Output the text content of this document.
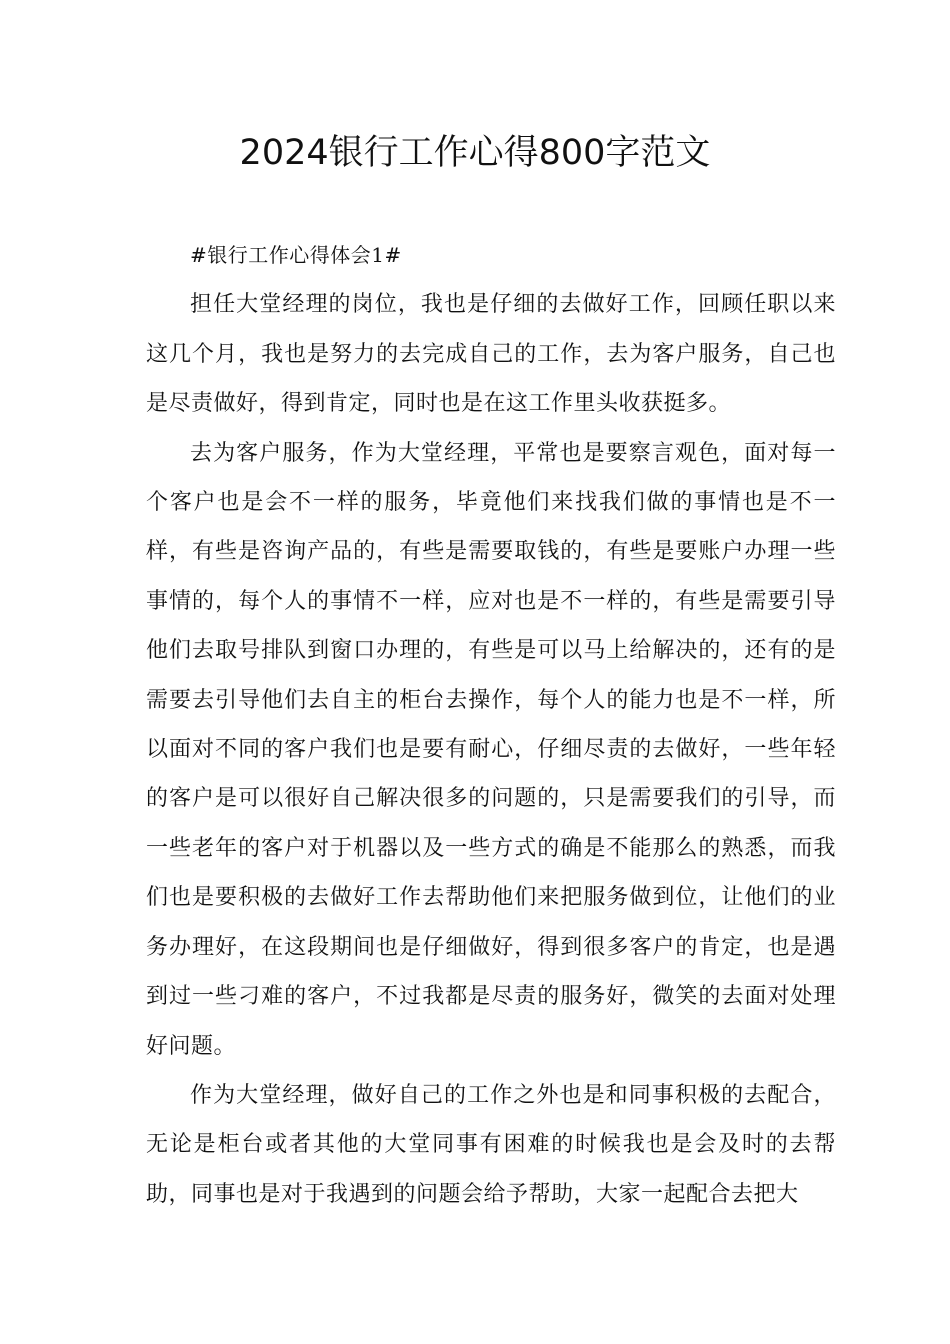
2024银行工作心得800字范文

#银行工作心得体会1#

担任大堂经理的岗位，我也是仔细的去做好工作，回顾任职以来这几个月，我也是努力的去完成自己的工作，去为客户服务，自己也是尽责做好，得到肯定，同时也是在这工作里头收获挺多。

去为客户服务，作为大堂经理，平常也是要察言观色，面对每一个客户也是会不一样的服务，毕竟他们来找我们做的事情也是不一样，有些是咨询产品的，有些是需要取钱的，有些是要账户办理一些事情的，每个人的事情不一样，应对也是不一样的，有些是需要引导他们去取号排队到窗口办理的，有些是可以马上给解决的，还有的是需要去引导他们去自主的柜台去操作，每个人的能力也是不一样，所以面对不同的客户我们也是要有耐心，仔细尽责的去做好，一些年轻的客户是可以很好自己解决很多的问题的，只是需要我们的引导，而一些老年的客户对于机器以及一些方式的确是不能那么的熟悉，而我们也是要积极的去做好工作去帮助他们来把服务做到位，让他们的业务办理好，在这段期间也是仔细做好，得到很多客户的肯定，也是遇到过一些刁难的客户，不过我都是尽责的服务好，微笑的去面对处理好问题。

作为大堂经理，做好自己的工作之外也是和同事积极的去配合，无论是柜台或者其他的大堂同事有困难的时候我也是会及时的去帮助，同事也是对于我遇到的问题会给予帮助，大家一起配合去把大
